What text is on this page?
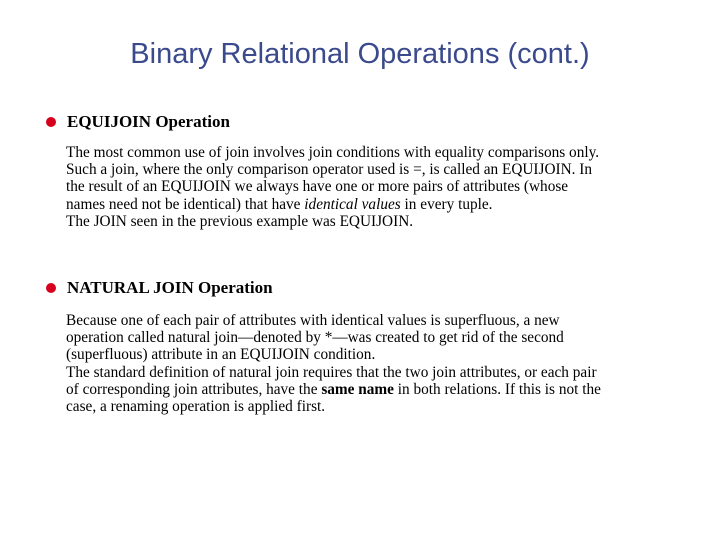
Binary Relational Operations (cont.)
EQUIJOIN Operation
The most common use of join involves join conditions with equality comparisons only.
Such a join, where the only comparison operator used is =, is called an EQUIJOIN. In
the result of an EQUIJOIN we always have one or more pairs of attributes (whose
names need not be identical) that have identical values in every tuple.
The JOIN seen in the previous example was EQUIJOIN.
NATURAL JOIN Operation
Because one of each pair of attributes with identical values is superfluous, a new
operation called natural join—denoted by *—was created to get rid of the second
(superfluous) attribute in an EQUIJOIN condition.
The standard definition of natural join requires that the two join attributes, or each pair
of corresponding join attributes, have the same name in both relations. If this is not the
case, a renaming operation is applied first.
